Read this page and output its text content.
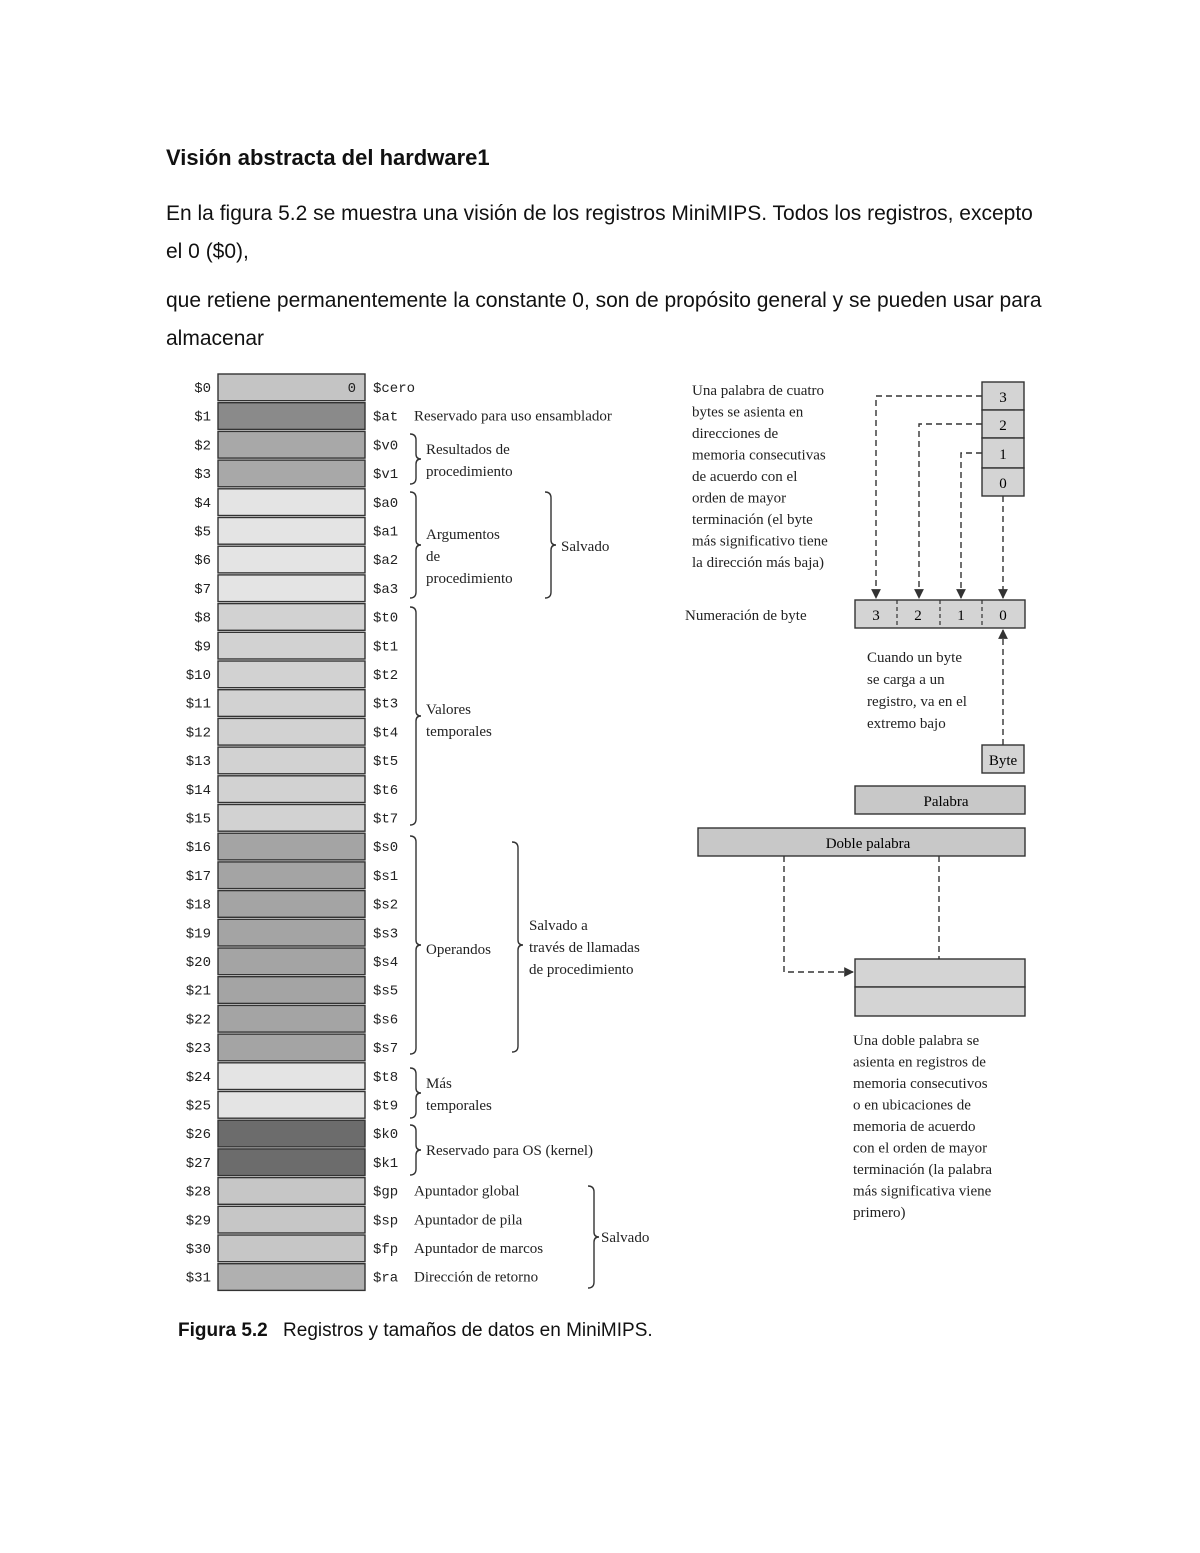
Visión abstracta del hardware1

En la figura 5.2 se muestra una visión de los registros MiniMIPS. Todos los registros, excepto el 0 ($0),

que retiene permanentemente la constante 0, son de propósito general y se pueden usar para almacenar

$0	$cero
$1	$at Reservado para uso ensamblador
$2	$v0
$3	$v1
$4	$a0
$5	$a1
$6	$a2
$7	$a3
$8	$t0
$9	$t1
$10	$t2
$11	$t3
$12	$t4
$13	$t5
$14	$t6
$15	$t7
$16	$s0
$17	$s1
$18	$s2
$19	$s3
$20	$s4
$21	$s5
$22	$s6
$23	$s7
$24	$t8
$25	$t9
$26	$k0
$27	$k1
$28	$gp Apuntador global
$29	$sp Apuntador de pila
$30	$fp Apuntador de marcos
$31	$ra Dirección de retorno
0
Resultados de procedimiento
Argumentos de procedimiento
Valores temporales
Operandos
Más temporales
Reservado para OS (kernel)
Salvado
Salvado a través de llamadas de procedimiento
Salvado
Una palabra de cuatro bytes se asienta en direcciones de memoria consecutivas de acuerdo con el orden de mayor terminación (el byte más significativo tiene la dirección más baja)
3
2
1
0
Numeración de byte	3 2 1 0
Cuando un byte se carga a un registro, va en el extremo bajo
Byte
Palabra
Doble palabra
Una doble palabra se asienta en registros de memoria consecutivos o en ubicaciones de memoria de acuerdo con el orden de mayor terminación (la palabra más significativa viene primero)
Figura 5.2 Registros y tamaños de datos en MiniMIPS.
